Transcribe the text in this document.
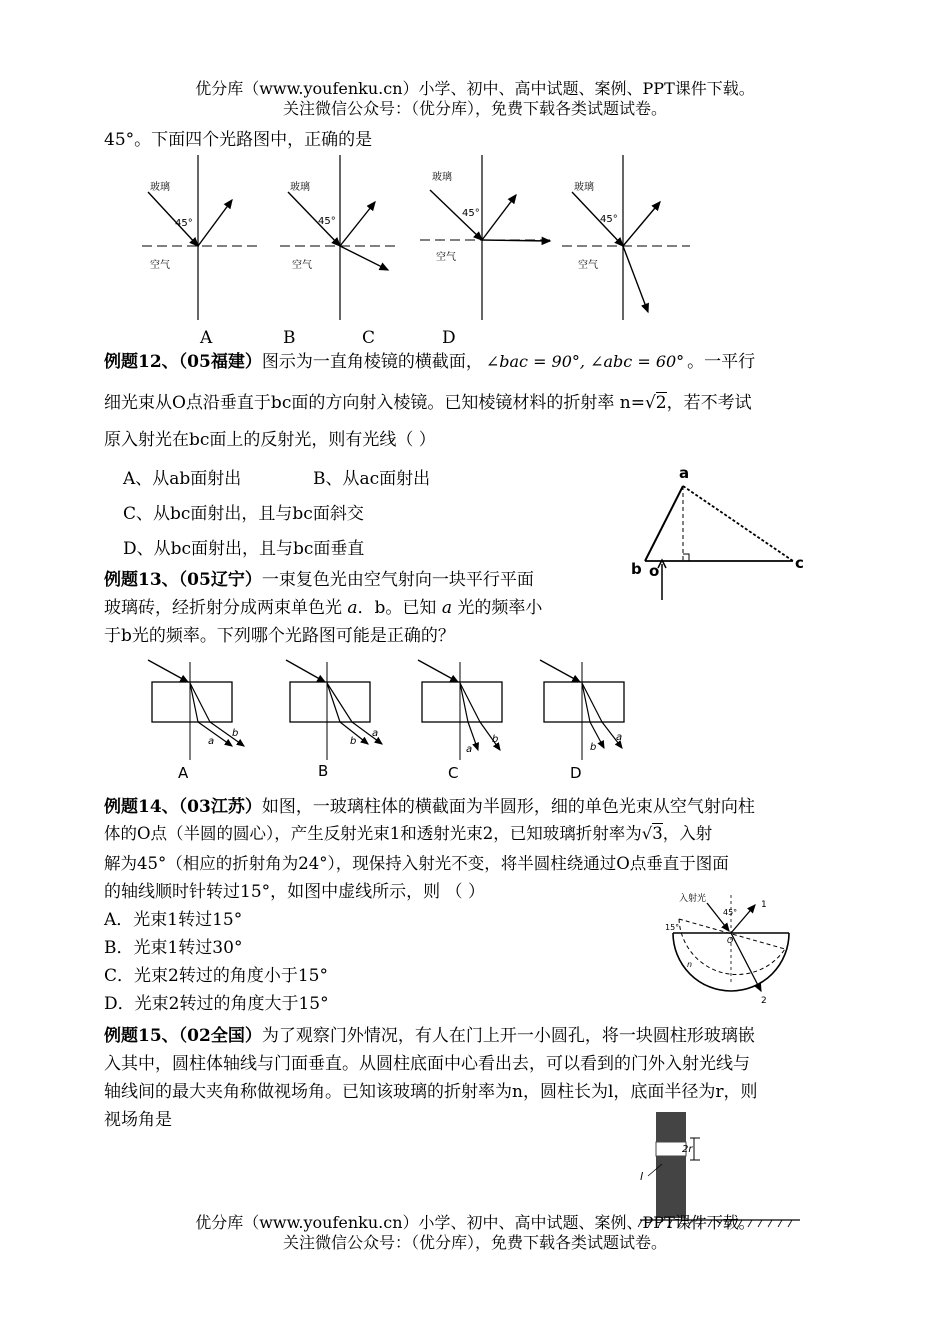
优分库（www.youfenku.cn）小学、初中、高中试题、案例、PPT课件下载。
关注微信公众号：（优分库），免费下载各类试题试卷。
45°。下面四个光路图中，正确的是
玻璃
45°
空气
玻璃
45°
空气
玻璃
45°
空气
玻璃
45°
空气
A	B	C	D
例题12、（05福建）图示为一直角棱镜的横截面， ∠bac = 90°, ∠abc = 60° 。一平行
细光束从O点沿垂直于bc面的方向射入棱镜。已知棱镜材料的折射率 n=√2，若不考试
原入射光在bc面上的反射光，则有光线（ ）
A、从ab面射出	B、从ac面射出
C、从bc面射出，且与bc面斜交
D、从bc面射出，且与bc面垂直
a
b o	c
例题13、（05辽宁）一束复色光由空气射向一块平行平面
玻璃砖，经折射分成两束单色光 a．b。已知 a 光的频率小
于b光的频率。下列哪个光路图可能是正确的？
a
b
b
a
a
b
b
a
A	B	C	D
例题14、（03江苏）如图，一玻璃柱体的横截面为半圆形，细的单色光束从空气射向柱
体的O点（半圆的圆心），产生反射光束1和透射光束2，已知玻璃折射率为√3，入射
解为45°（相应的折射角为24°），现保持入射光不变，将半圆柱绕通过O点垂直于图面
的轴线顺时针转过15°，如图中虚线所示，则 （ ）
A．光束1转过15°
B．光束1转过30°
C．光束2转过的角度小于15°
D．光束2转过的角度大于15°
入射光
45°
15°
1
2
O
n
例题15、（02全国）为了观察门外情况，有人在门上开一小圆孔，将一块圆柱形玻璃嵌
入其中，圆柱体轴线与门面垂直。从圆柱底面中心看出去，可以看到的门外入射光线与
轴线间的最大夹角称做视场角。已知该玻璃的折射率为n，圆柱长为l，底面半径为r，则
视场角是
2r
l
优分库（www.youfenku.cn）小学、初中、高中试题、案例、PPT课件下载。
关注微信公众号：（优分库），免费下载各类试题试卷。
